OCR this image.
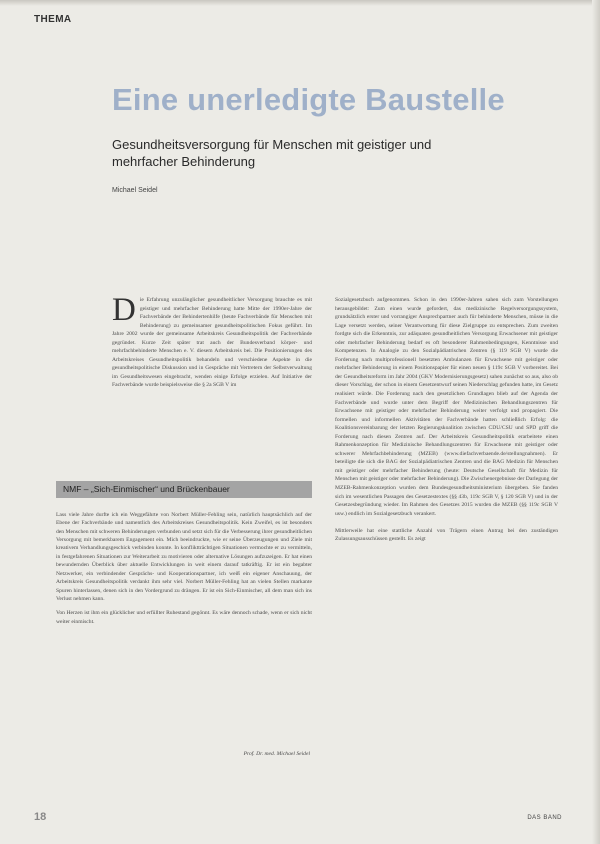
THEMA
Eine unerledigte Baustelle
Gesundheitsversorgung für Menschen mit geistiger und mehrfacher Behinderung
Michael Seidel

Die Erfahrung unzulänglicher gesundheitlicher Versorgung brauchte es mit geistiger und mehrfacher Behinderung hatte Mitte der 1990er-Jahre der Fachverbände der Behindertenhilfe (heute Fachverbände für Menschen mit Behinderung) zu gemeinsamer gesundheitspolitischen Fokus geführt. Im Jahre 2002 wurde der gemeinsame Arbeitskreis Gesundheitspolitik der Fachverbände gegründet. Kurze Zeit später trat auch der Bundesverband körper- und mehrfachbehinderte Menschen e. V. diesem Arbeitskreis bei. Die Positionierungen des Arbeitskreises Gesundheitspolitik behandeln und verschiedene Aspekte in die gesundheitspolitische Diskussion und in Gespräche mit Vertretern der Selbstverwaltung im Gesundheitswesen eingebracht, wenden einige Erfolge erzielen. Auf Initiative der Fachverbände wurde beispielsweise die § 2a SGB V im

Sozialgesetzbuch aufgenommen. Schon in den 1990er-Jahren sahen sich zum Vorstellungen herausgebildet: Zum einen wurde gefordert, das medizinische Regelversorgungssystem, grundsätzlich erster und vorrangiger Ansprechpartner auch für behinderte Menschen, müsse in die Lage versetzt werden, seiner Verantwortung für diese Zielgruppe zu entsprechen. Zum zweiten fordgte sich die Erkenntnis, zur adäquaten gesundheitlichen Versorgung Erwachsener mit geistiger oder mehrfacher Behinderung bedarf es oft besonderer Rahmenbedingungen, Kenntnisse und Kompetenzen. In Analogie zu den Sozialpädiatrischen Zentren (§ 119 SGB V) wurde die Forderung nach multiprofessionell besetzten Ambulanzen für Erwachsene mit geistiger oder mehrfacher Behinderung in einem Positionspapier für einen neuen § 119c SGB V vorbereitet. Bei der Gesundheitsreform im Jahr 2004 (GKV Modernisierungsgesetz) sahen zunächst so aus, also ob dieser Vorschlag, der schon in einem Gesetzentwurf seinen Niederschlag gefunden hatte, im Gesetz realisiert würde. Die Forderung nach den gesetzlichen Grundlagen blieb auf der Agenda der Fachverbände und wurde unter dem Begriff der Medizinischen Behandlungszentren für Erwachsene mit geistiger oder mehrfacher Behinderung weiter verfolgt und propagiert. Die formellen und informellen Aktivitäten der Fachverbände hatten schließlich Erfolg: die Koalitionsvereinbarung der letzten Regierungskoalition zwischen CDU/CSU und SPD griff die Forderung nach diesen Zentren auf. Der Arbeitskreis Gesundheitspolitik erarbeitete einen Rahmenkonzeption für Medizinische Behandlungszentren für Erwachsene mit geistiger oder schwerer Mehrfachbehinderung (MZEB) (www.diefachverbaende.de/stellungnahmen). Er beteiligte die sich die BAG der Sozialpädiatrischen Zentren und die BAG Medizin für Menschen mit geistiger oder mehrfacher Behinderung (heute: Deutsche Gesellschaft für Medizin für Menschen mit geistiger oder mehrfacher Behinderung). Die Zwischenergebnisse der Darlegung der MZEB-Rahmenkonzeption wurden dem Bundesgesundheitsministerium übergeben. Sie fanden sich im wesentlichen Passagen des Gesetzestextes (§§ 43b, 119c SGB V, § 120 SGB V) und in der Gesetzesbegründung wieder. Im Rahmen des Gesetzes 2015 wurden die MZEB (§§ 119c SGB V usw.) endlich im Sozialgesetzbuch verankert.

Mittlerweile hat eine stattliche Anzahl von Trägern einen Antrag bei den zuständigen Zulassungsausschüssen gestellt. Es zeigt

NMF – „Sich-Einmischer“ und Brückenbauer

Lass viele Jahre durfte ich ein Weggefährte von Norbert Müller-Fehling sein, natürlich hauptsächlich auf der Ebene der Fachverbände und namentlich des Arbeitskreises Gesundheitspolitik. Kein Zweifel, es ist besonders den Menschen mit schweren Behinderungen verbunden und setzt sich für die Verbesserung ihrer gesundheitlichen Versorgung mit bemerkbarem Engagement ein. Mich beeindruckte, wie er seine Überzeugungen und Ziele mit kreativem Verhandlungsgeschick verbinden konnte. In konfliktträchtigen Situationen vermochte er zu vermitteln, in festgefahrenen Situationen zur Weiterarbeit zu motivieren oder alternative Lösungen aufzuzeigen. Er hat einen bewundernden Überblick über aktuelle Entwicklungen in weit einem darauf tatkräftig. Er ist ein begabter Netzwerker, ein verbindender Gesprächs- und Kooperationspartner, ich weiß ein eigener Anschauung, der Arbeitskreis Gesundheitspolitik verdankt ihm sehr viel. Norbert Müller-Fehling hat an vielen Stellen markante Spuren hinterlassen, denen sich in den Vordergrund zu drängen. Er ist ein Sich-Einmischer, all dem man sich ins Verlust nehmen kann.

Von Herzen ist ihm ein glücklicher und erfüllter Ruhestand gegönnt. Es wäre dennoch schade, wenn er sich nicht weiter einmischt.

Prof. Dr. med. Michael Seidel
18	DAS BAND
